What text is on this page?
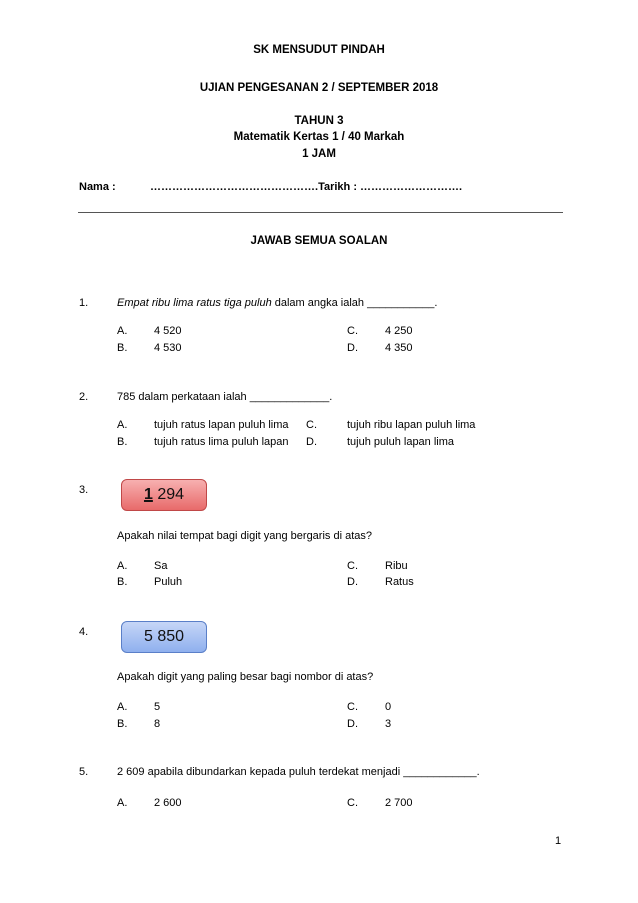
SK MENSUDUT PINDAH
UJIAN PENGESANAN 2 / SEPTEMBER 2018
TAHUN 3
Matematik Kertas 1 / 40 Markah
1 JAM
Nama :	……………………………………….Tarikh : ……………………….
JAWAB SEMUA SOALAN
1.	Empat ribu lima ratus tiga puluh dalam angka ialah ___________.
A. 4 520	C. 4 250
B. 4 530	D. 4 350
2.	785 dalam perkataan ialah _____________.
A. tujuh ratus lapan puluh lima C.	tujuh ribu lapan puluh lima
B. tujuh ratus lima puluh lapan D.	tujuh puluh lapan lima
3.	1 294
Apakah nilai tempat bagi digit yang bergaris di atas?
A. Sa	C. Ribu
B. Puluh	D. Ratus
4.	5 850
Apakah digit yang paling besar bagi nombor di atas?
A. 5	C. 0
B. 8	D. 3
5.	2 609 apabila dibundarkan kepada puluh terdekat menjadi ____________.
A. 2 600	C. 2 700
1
